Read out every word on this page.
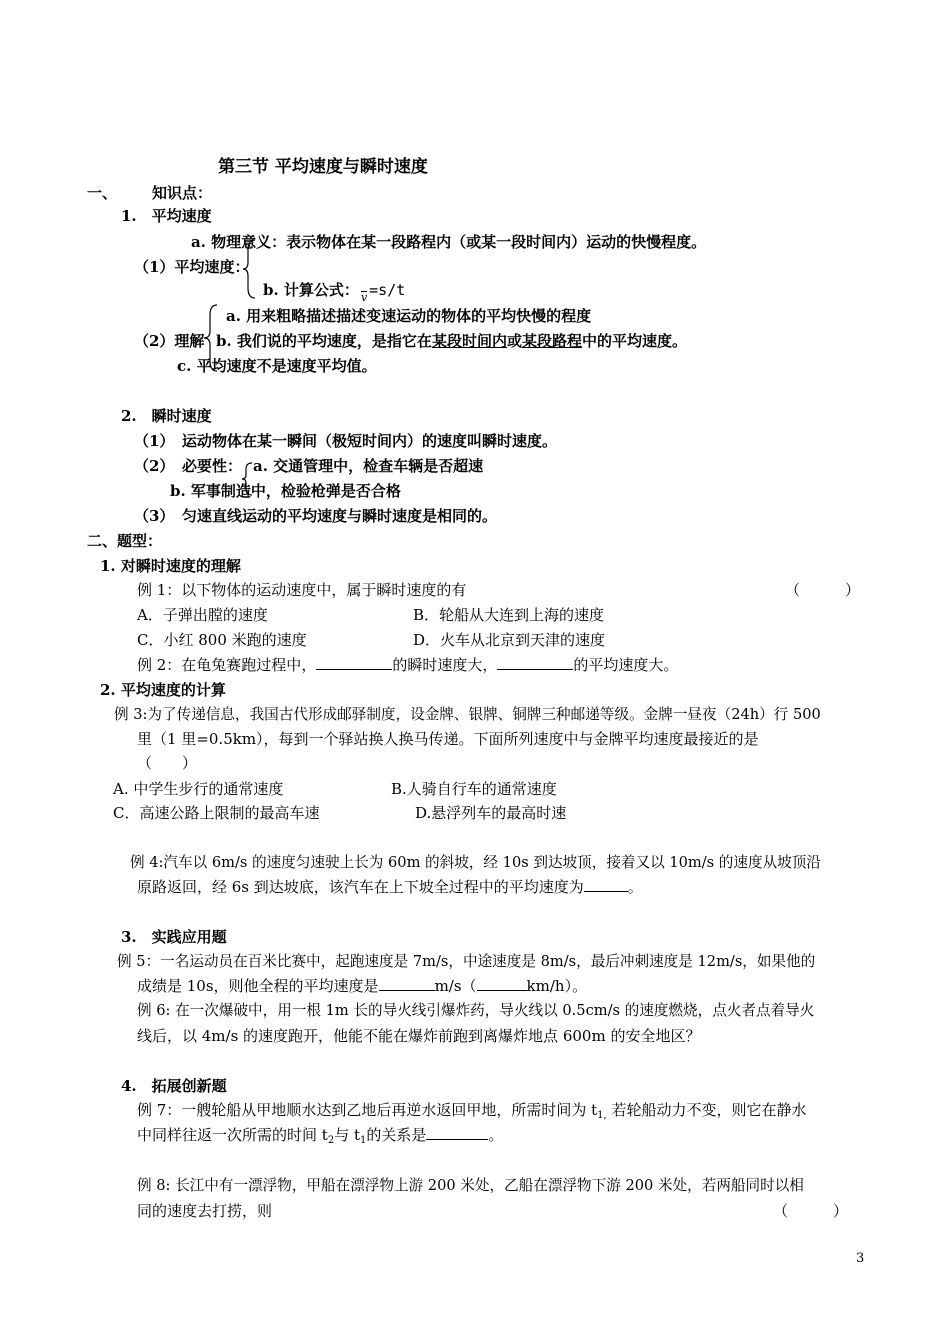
第三节 平均速度与瞬时速度
一、 知识点：
1.　平均速度
a. 物理意义：表示物体在某一段路程内（或某一段时间内）运动的快慢程度。
（1）平均速度：
b. 计算公式： v =s/t
a. 用来粗略描述描述变速运动的物体的平均快慢的程度
（2）理解 b. 我们说的平均速度，是指它在某段时间内或某段路程中的平均速度。
c. 平均速度不是速度平均值。
2.　瞬时速度
（1）　运动物体在某一瞬间（极短时间内）的速度叫瞬时速度。
（2）　必要性： a. 交通管理中，检查车辆是否超速
b. 军事制造中，检验枪弹是否合格
（3）　匀速直线运动的平均速度与瞬时速度是相同的。
二、题型：
1. 对瞬时速度的理解
例 1：以下物体的运动速度中，属于瞬时速度的有	（　　　）
A．子弹出膛的速度	B．轮船从大连到上海的速度
C．小红 800 米跑的速度	D．火车从北京到天津的速度
例 2：在龟兔赛跑过程中，	的瞬时速度大，	的平均速度大。
2. 平均速度的计算
例 3:为了传递信息，我国古代形成邮驿制度，设金牌、银牌、铜牌三种邮递等级。金牌一昼夜（24h）行 500
里（1 里=0.5km），每到一个驿站换人换马传递。下面所列速度中与金牌平均速度最接近的是
（　　）
A. 中学生步行的通常速度	B.人骑自行车的通常速度
C．高速公路上限制的最高车速	D.悬浮列车的最高时速
例 4:汽车以 6m/s 的速度匀速驶上长为 60m 的斜坡，经 10s 到达坡顶，接着又以 10m/s 的速度从坡顶沿
原路返回，经 6s 到达坡底，该汽车在上下坡全过程中的平均速度为	。
3.　实践应用题
例 5：一名运动员在百米比赛中，起跑速度是 7m/s，中途速度是 8m/s，最后冲刺速度是 12m/s，如果他的
成绩是 10s，则他全程的平均速度是	m/s（	km/h）。
例 6: 在一次爆破中，用一根 1m 长的导火线引爆炸药，导火线以 0.5cm/s 的速度燃烧，点火者点着导火
线后，以 4m/s 的速度跑开，他能不能在爆炸前跑到离爆炸地点 600m 的安全地区？
4.　拓展创新题
例 7：一艘轮船从甲地顺水达到乙地后再逆水返回甲地，所需时间为 $t_{1,}$ 若轮船动力不变，则它在静水
中同样往返一次所需的时间 $t_2$与 $t_1$的关系是	。
例 8: 长江中有一漂浮物，甲船在漂浮物上游 200 米处，乙船在漂浮物下游 200 米处，若两船同时以相
同的速度去打捞，则	（　　　）
3
